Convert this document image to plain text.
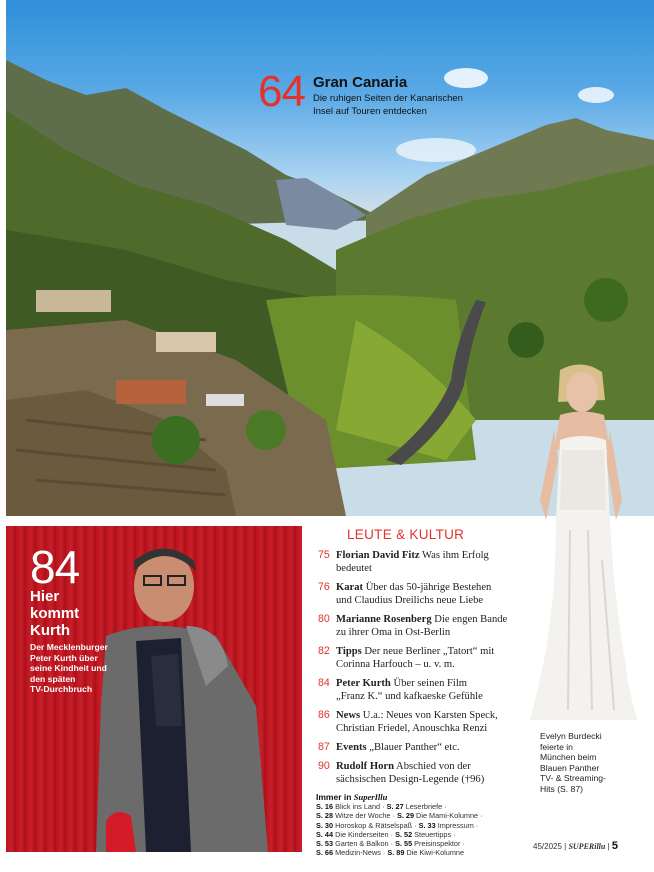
64 Gran Canaria
Die ruhigen Seiten der Kanarischen
Insel auf Touren entdecken
84
Hier
kommt
Kurth
Der Mecklenburger
Peter Kurth über
seine Kindheit und
den späten
TV-Durchbruch
LEUTE & KULTUR
75 Florian David Fitz Was ihm Erfolg
bedeutet
76 Karat Über das 50-jährige Bestehen
und Claudius Dreilichs neue Liebe
80 Marianne Rosenberg Die engen Bande
zu ihrer Oma in Ost-Berlin
82 Tipps Der neue Berliner „Tatort“ mit
Corinna Harfouch – u. v. m.
84 Peter Kurth Über seinen Film
„Franz K.“ und kafkaeske Gefühle
86 News U.a.: Neues von Karsten Speck,
Christian Friedel, Anouschka Renzi
87 Events „Blauer Panther“ etc.
90 Rudolf Horn Abschied von der
sächsischen Design-Legende (†96)
Immer in SuperIllu
S. 16 Blick ins Land · S. 27 Leserbriefe ·
S. 28 Witze der Woche · S. 29 Die Mami-Kolumne ·
S. 30 Horoskop & Rätselspaß · S. 33 Impressum ·
S. 44 Die Kinderseiten · S. 52 Steuertipps ·
S. 53 Garten & Balkon · S. 55 Preisinspektor ·
S. 66 Medizin-News · S. 89 Die Kiwi-Kolumne
Evelyn Burdecki
feierte in
München beim
Blauen Panther
TV- & Streaming-
Hits (S. 87)
45/2025 | SUPERillu | 5
